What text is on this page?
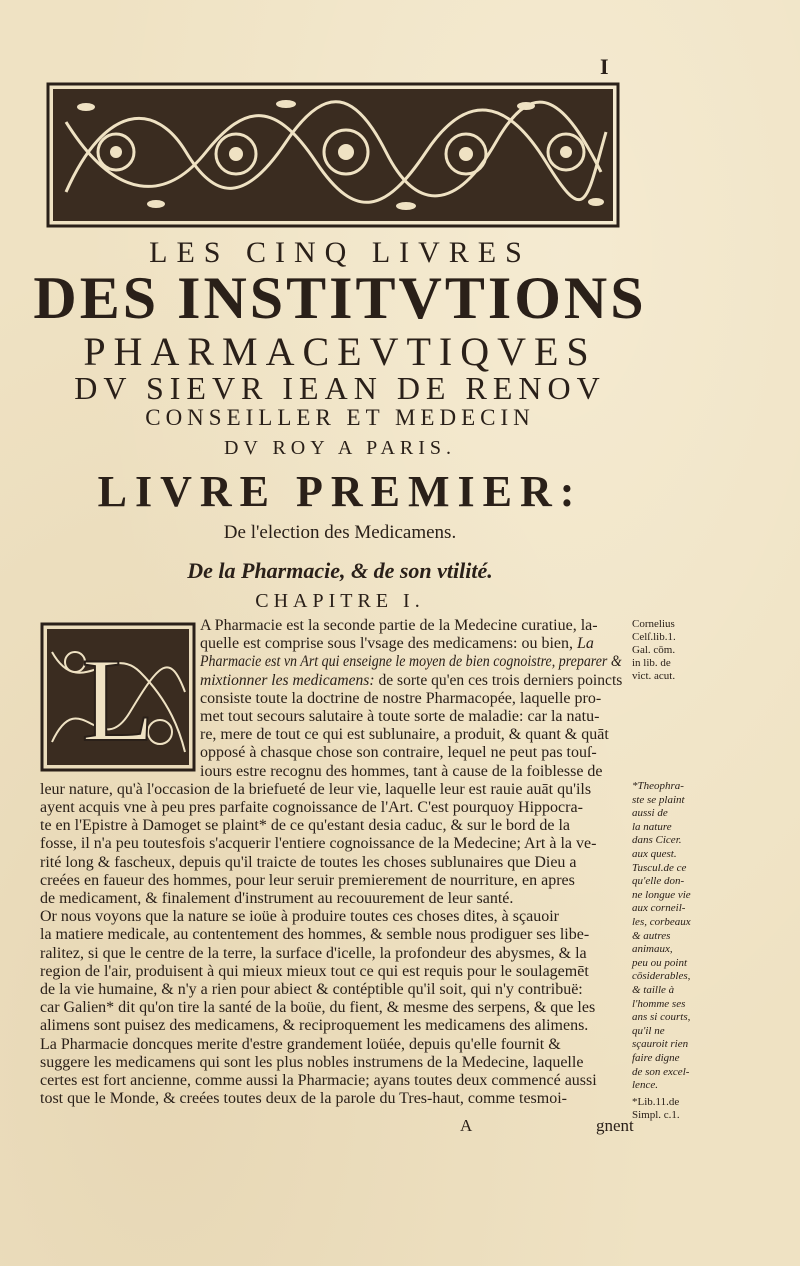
I
LES CINQ LIVRES
DES INSTITVTIONS
PHARMACEVTIQVES
DV SIEVR IEAN DE RENOV
CONSEILLER ET MEDECIN
DV ROY A PARIS.
LIVRE PREMIER:
De l'election des Medicamens.
De la Pharmacie, & de son vtilité.
CHAPITRE I.
L
A Pharmacie est la seconde partie de la Medecine curatiue, la-
quelle est comprise sous l'vsage des medicamens: ou bien, La
Pharmacie est vn Art qui enseigne le moyen de bien cognoistre, preparer &
mixtionner les medicamens: de sorte qu'en ces trois derniers poincts
consiste toute la doctrine de nostre Pharmacopée, laquelle pro-
met tout secours salutaire à toute sorte de maladie: car la natu-
re, mere de tout ce qui est sublunaire, a produit, & quant & quāt
opposé à chasque chose son contraire, lequel ne peut pas touſ-
iours estre recognu des hommes, tant à cause de la foiblesse de
leur nature, qu'à l'occasion de la briefueté de leur vie, laquelle leur est rauie auāt qu'ils
ayent acquis vne à peu pres parfaite cognoissance de l'Art. C'est pourquoy Hippocra-
te en l'Epistre à Damoget se plaint* de ce qu'estant desia caduc, & sur le bord de la
fosse, il n'a peu toutesfois s'acquerir l'entiere cognoissance de la Medecine; Art à la ve-
rité long & fascheux, depuis qu'il traicte de toutes les choses sublunaires que Dieu a
creées en faueur des hommes, pour leur seruir premierement de nourriture, en apres
de medicament, & finalement d'instrument au recouurement de leur santé.
Or nous voyons que la nature se ioüe à produire toutes ces choses dites, à sçauoir
la matiere medicale, au contentement des hommes, & semble nous prodiguer ses libe-
ralitez, si que le centre de la terre, la surface d'icelle, la profondeur des abysmes, & la
region de l'air, produisent à qui mieux mieux tout ce qui est requis pour le soulagemēt
de la vie humaine, & n'y a rien pour abiect & contéptible qu'il soit, qui n'y contribuë:
car Galien* dit qu'on tire la santé de la boüe, du fient, & mesme des serpens, & que les
alimens sont puisez des medicamens, & reciproquement les medicamens des alimens.
La Pharmacie doncques merite d'estre grandement loüée, depuis qu'elle fournit &
suggere les medicamens qui sont les plus nobles instrumens de la Medecine, laquelle
certes est fort ancienne, comme aussi la Pharmacie; ayans toutes deux commencé aussi
tost que le Monde, & creées toutes deux de la parole du Tres-haut, comme tesmoi-
Cornelius
Celſ.lib.1.
Gal. cōm.
in lib. de
vict. acut.
*Theophra-
ste se plaint
aussi de
la nature
dans Cicer.
aux quest.
Tuscul.de ce
qu'elle don-
ne longue vie
aux corneil-
les, corbeaux
& autres
animaux,
peu ou point
cōsiderables,
& taille à
l'homme ses
ans si courts,
qu'il ne
sçauroit rien
faire digne
de son excel-
lence.
*Lib.11.de
Simpl. c.1.
A	gnent
